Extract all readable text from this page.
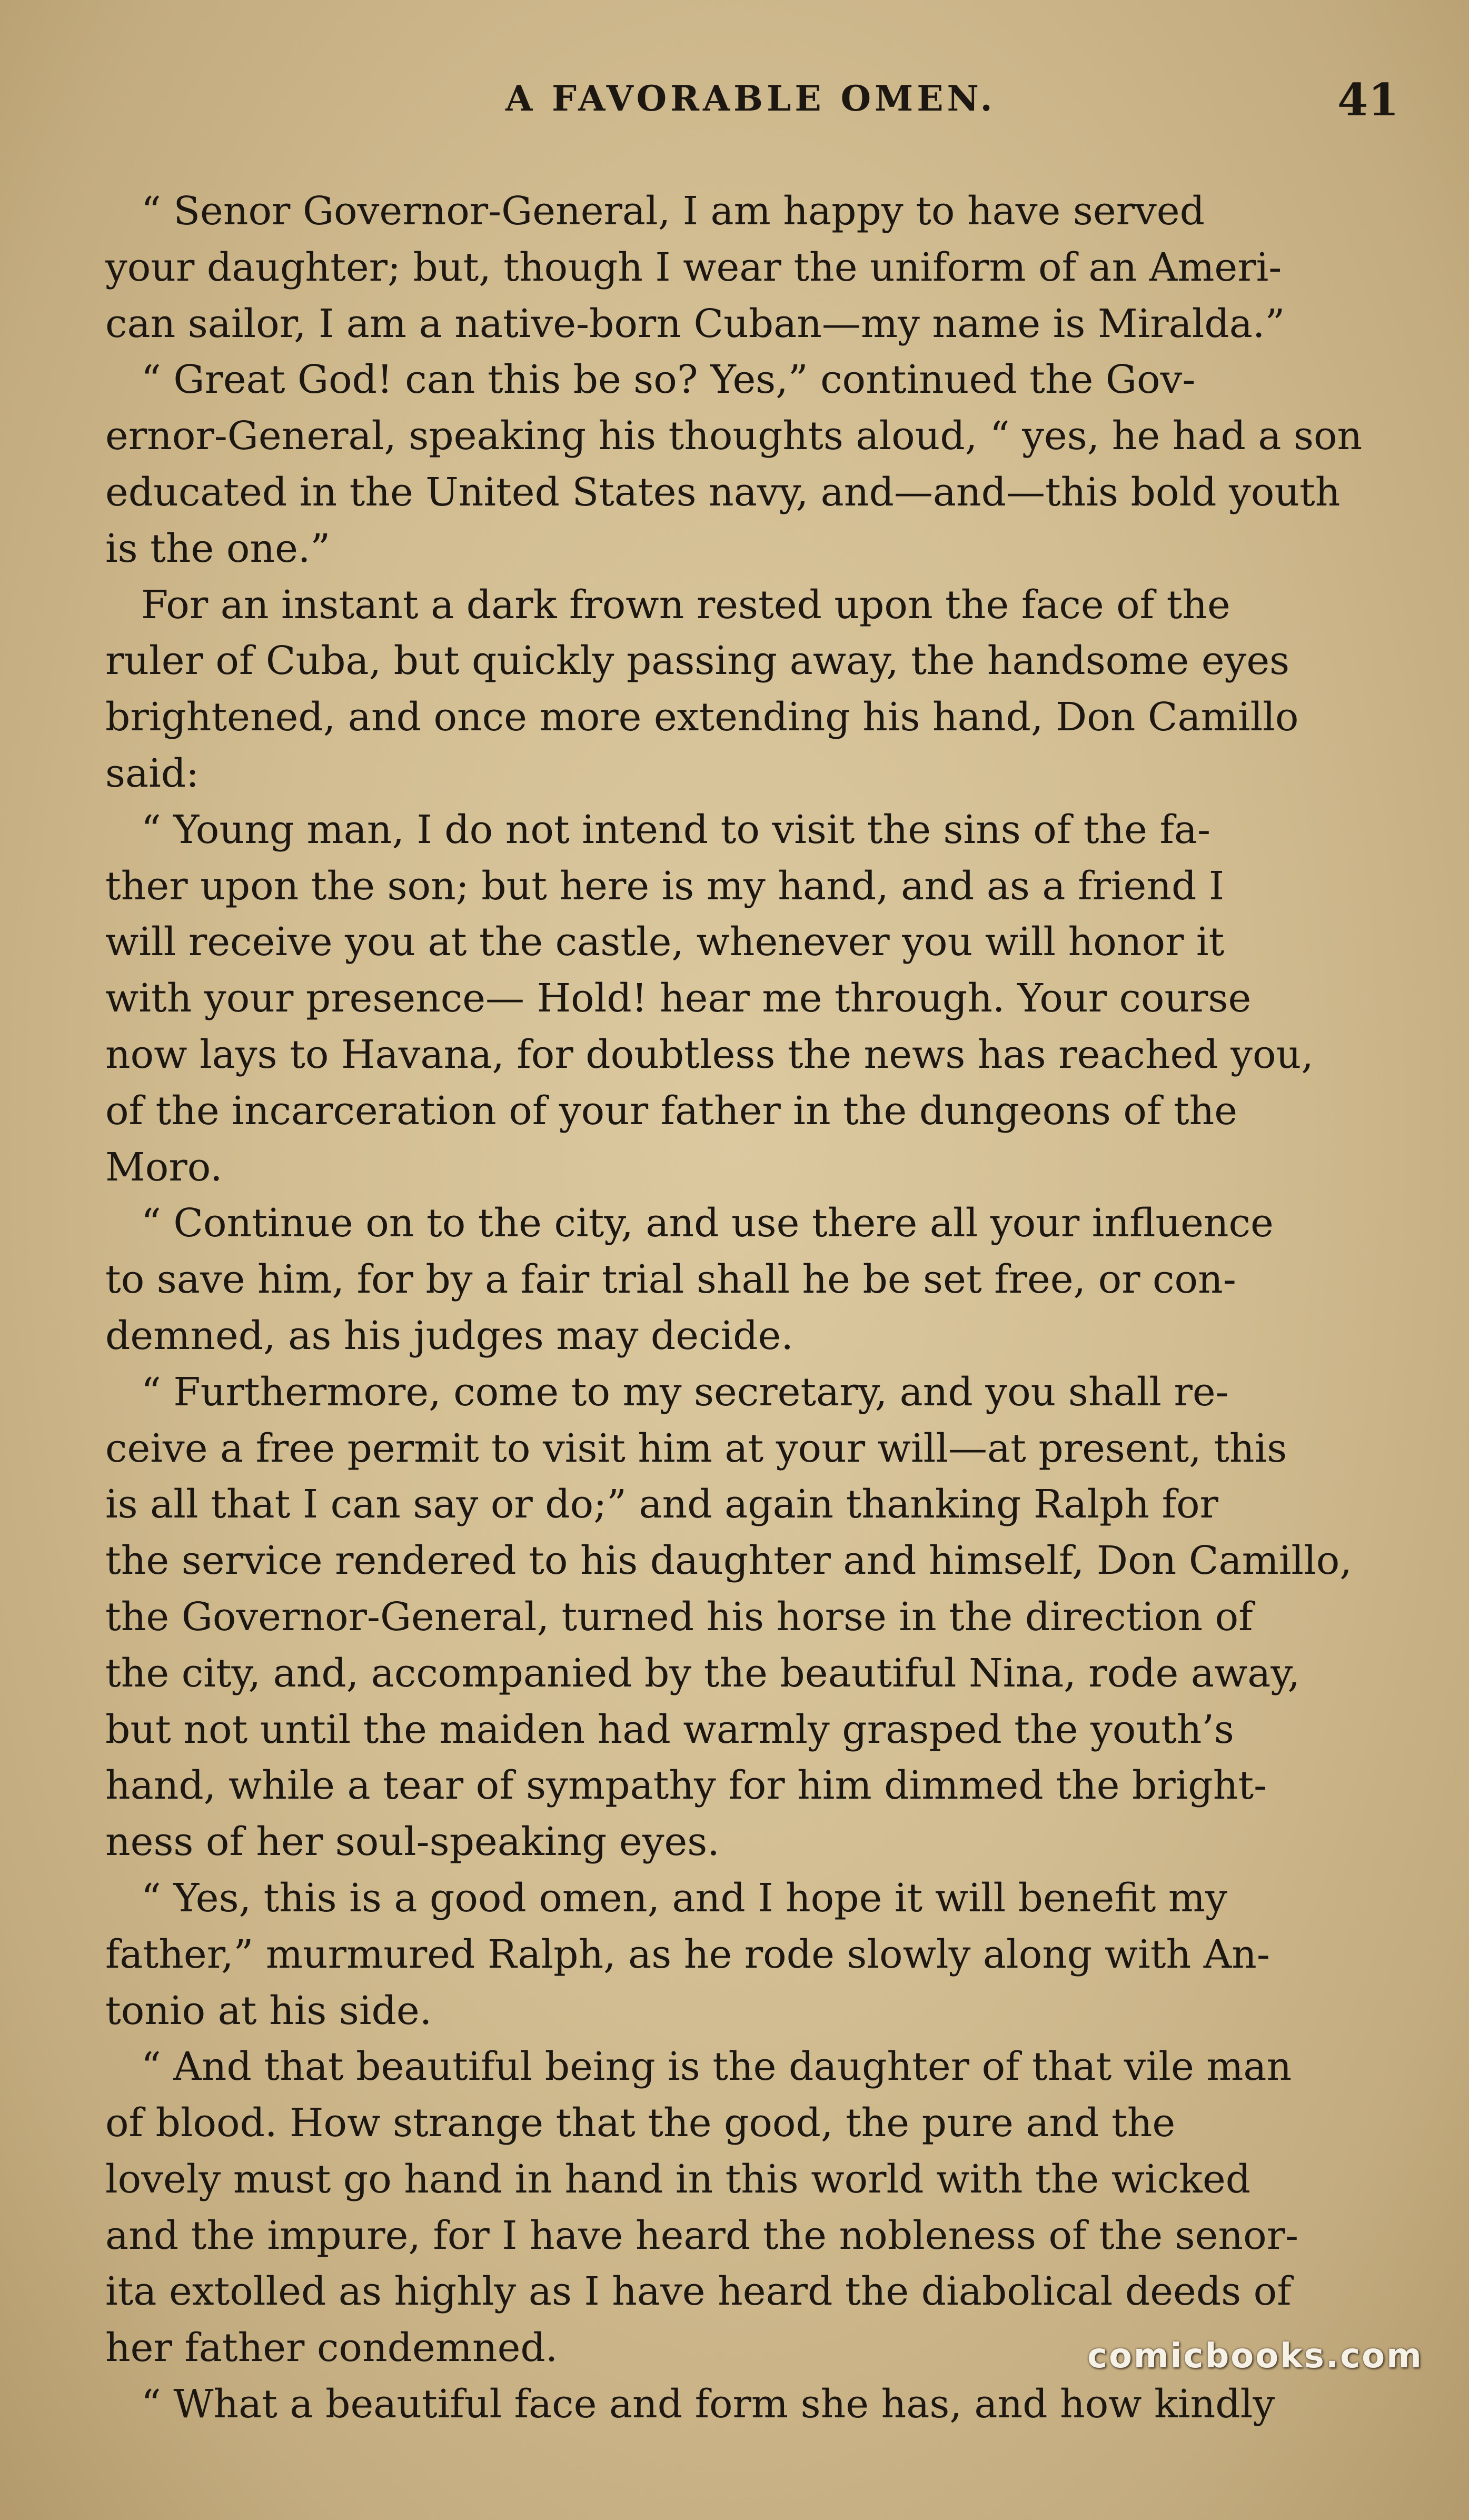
A FAVORABLE OMEN.	41
“ Senor Governor-General, I am happy to have served
your daughter; but, though I wear the uniform of an Ameri-
can sailor, I am a native-born Cuban—my name is Miralda.”
“ Great God! can this be so? Yes,” continued the Gov-
ernor-General, speaking his thoughts aloud, “ yes, he had a son
educated in the United States navy, and—and—this bold youth
is the one.”
For an instant a dark frown rested upon the face of the
ruler of Cuba, but quickly passing away, the handsome eyes
brightened, and once more extending his hand, Don Camillo
said:
“ Young man, I do not intend to visit the sins of the fa-
ther upon the son; but here is my hand, and as a friend I
will receive you at the castle, whenever you will honor it
with your presence— Hold! hear me through. Your course
now lays to Havana, for doubtless the news has reached you,
of the incarceration of your father in the dungeons of the
Moro.
“ Continue on to the city, and use there all your influence
to save him, for by a fair trial shall he be set free, or con-
demned, as his judges may decide.
“ Furthermore, come to my secretary, and you shall re-
ceive a free permit to visit him at your will—at present, this
is all that I can say or do;” and again thanking Ralph for
the service rendered to his daughter and himself, Don Camillo,
the Governor-General, turned his horse in the direction of
the city, and, accompanied by the beautiful Nina, rode away,
but not until the maiden had warmly grasped the youth’s
hand, while a tear of sympathy for him dimmed the bright-
ness of her soul-speaking eyes.
“ Yes, this is a good omen, and I hope it will benefit my
father,” murmured Ralph, as he rode slowly along with An-
tonio at his side.
“ And that beautiful being is the daughter of that vile man
of blood. How strange that the good, the pure and the
lovely must go hand in hand in this world with the wicked
and the impure, for I have heard the nobleness of the senor-
ita extolled as highly as I have heard the diabolical deeds of
her father condemned.
“ What a beautiful face and form she has, and how kindly
comicbooks.com
